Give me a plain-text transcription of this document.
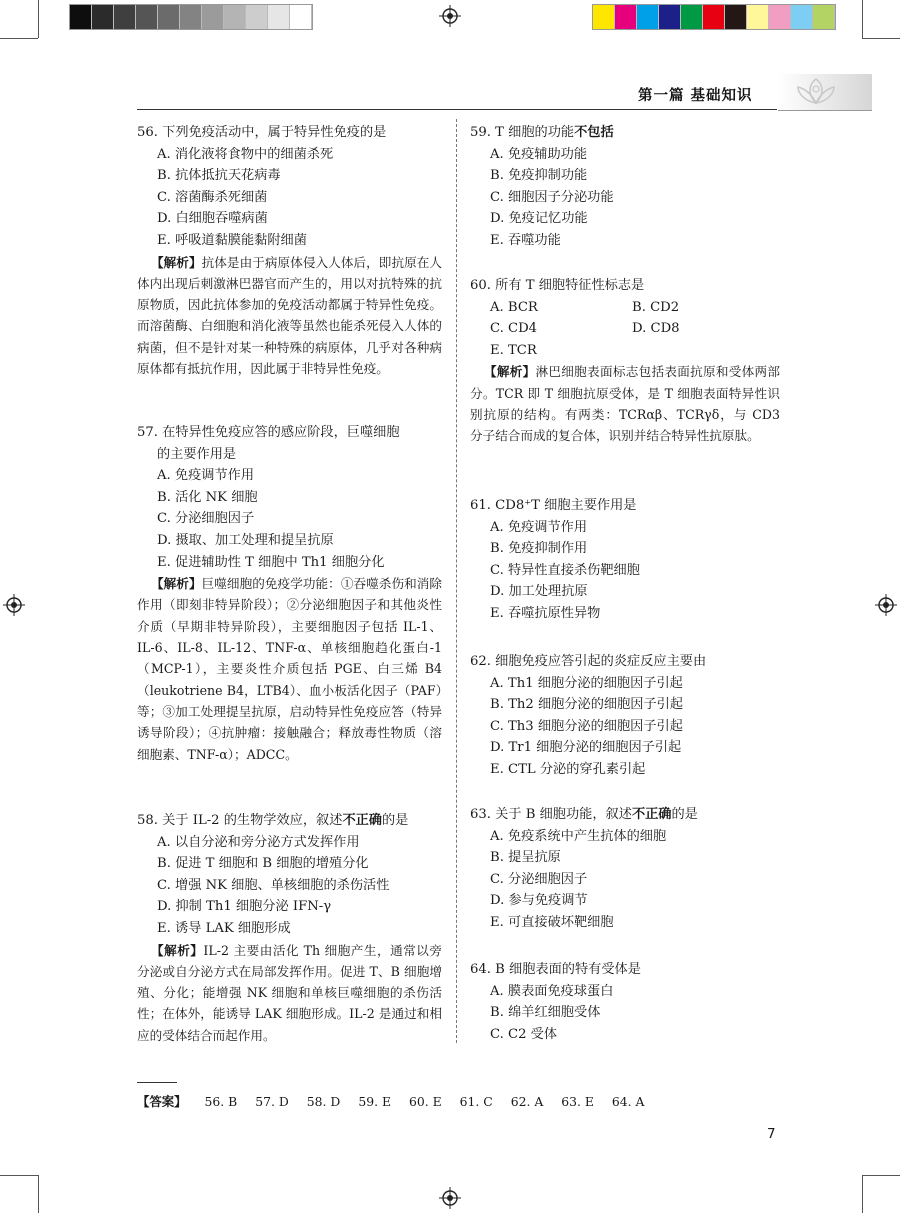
第一篇 基础知识
56. 下列免疫活动中，属于特异性免疫的是
A. 消化液将食物中的细菌杀死
B. 抗体抵抗天花病毒
C. 溶菌酶杀死细菌
D. 白细胞吞噬病菌
E. 呼吸道黏膜能黏附细菌
【解析】抗体是由于病原体侵入人体后，即抗原在人体内出现后刺激淋巴器官而产生的，用以对抗特殊的抗原物质，因此抗体参加的免疫活动都属于特异性免疫。而溶菌酶、白细胞和消化液等虽然也能杀死侵入人体的病菌，但不是针对某一种特殊的病原体，几乎对各种病原体都有抵抗作用，因此属于非特异性免疫。
57. 在特异性免疫应答的感应阶段，巨噬细胞
的主要作用是
A. 免疫调节作用
B. 活化 NK 细胞
C. 分泌细胞因子
D. 摄取、加工处理和提呈抗原
E. 促进辅助性 T 细胞中 Th1 细胞分化
【解析】巨噬细胞的免疫学功能：①吞噬杀伤和消除作用（即刻非特异阶段）；②分泌细胞因子和其他炎性介质（早期非特异阶段），主要细胞因子包括 IL-1、IL-6、IL-8、IL-12、TNF-α、单核细胞趋化蛋白-1（MCP-1），主要炎性介质包括 PGE、白三烯 B4（leukotriene B4，LTB4）、血小板活化因子（PAF）等；③加工处理提呈抗原，启动特异性免疫应答（特异诱导阶段）；④抗肿瘤：接触融合；释放毒性物质（溶细胞素、TNF-α）；ADCC。
58. 关于 IL-2 的生物学效应，叙述不正确的是
A. 以自分泌和旁分泌方式发挥作用
B. 促进 T 细胞和 B 细胞的增殖分化
C. 增强 NK 细胞、单核细胞的杀伤活性
D. 抑制 Th1 细胞分泌 IFN-γ
E. 诱导 LAK 细胞形成
【解析】IL-2 主要由活化 Th 细胞产生，通常以旁分泌或自分泌方式在局部发挥作用。促进 T、B 细胞增殖、分化；能增强 NK 细胞和单核巨噬细胞的杀伤活性；在体外，能诱导 LAK 细胞形成。IL-2 是通过和相应的受体结合而起作用。
59. T 细胞的功能不包括
A. 免疫辅助功能
B. 免疫抑制功能
C. 细胞因子分泌功能
D. 免疫记忆功能
E. 吞噬功能
60. 所有 T 细胞特征性标志是
A. BCR	B. CD2
C. CD4	D. CD8
E. TCR
【解析】淋巴细胞表面标志包括表面抗原和受体两部分。TCR 即 T 细胞抗原受体，是 T 细胞表面特异性识别抗原的结构。有两类：TCRαβ、TCRγδ，与 CD3 分子结合而成的复合体，识别并结合特异性抗原肽。
61. CD8⁺T 细胞主要作用是
A. 免疫调节作用
B. 免疫抑制作用
C. 特异性直接杀伤靶细胞
D. 加工处理抗原
E. 吞噬抗原性异物
62. 细胞免疫应答引起的炎症反应主要由
A. Th1 细胞分泌的细胞因子引起
B. Th2 细胞分泌的细胞因子引起
C. Th3 细胞分泌的细胞因子引起
D. Tr1 细胞分泌的细胞因子引起
E. CTL 分泌的穿孔素引起
63. 关于 B 细胞功能，叙述不正确的是
A. 免疫系统中产生抗体的细胞
B. 提呈抗原
C. 分泌细胞因子
D. 参与免疫调节
E. 可直接破坏靶细胞
64. B 细胞表面的特有受体是
A. 膜表面免疫球蛋白
B. 绵羊红细胞受体
C. C2 受体
【答案】 56. B 57. D 58. D 59. E 60. E 61. C 62. A 63. E 64. A
7
